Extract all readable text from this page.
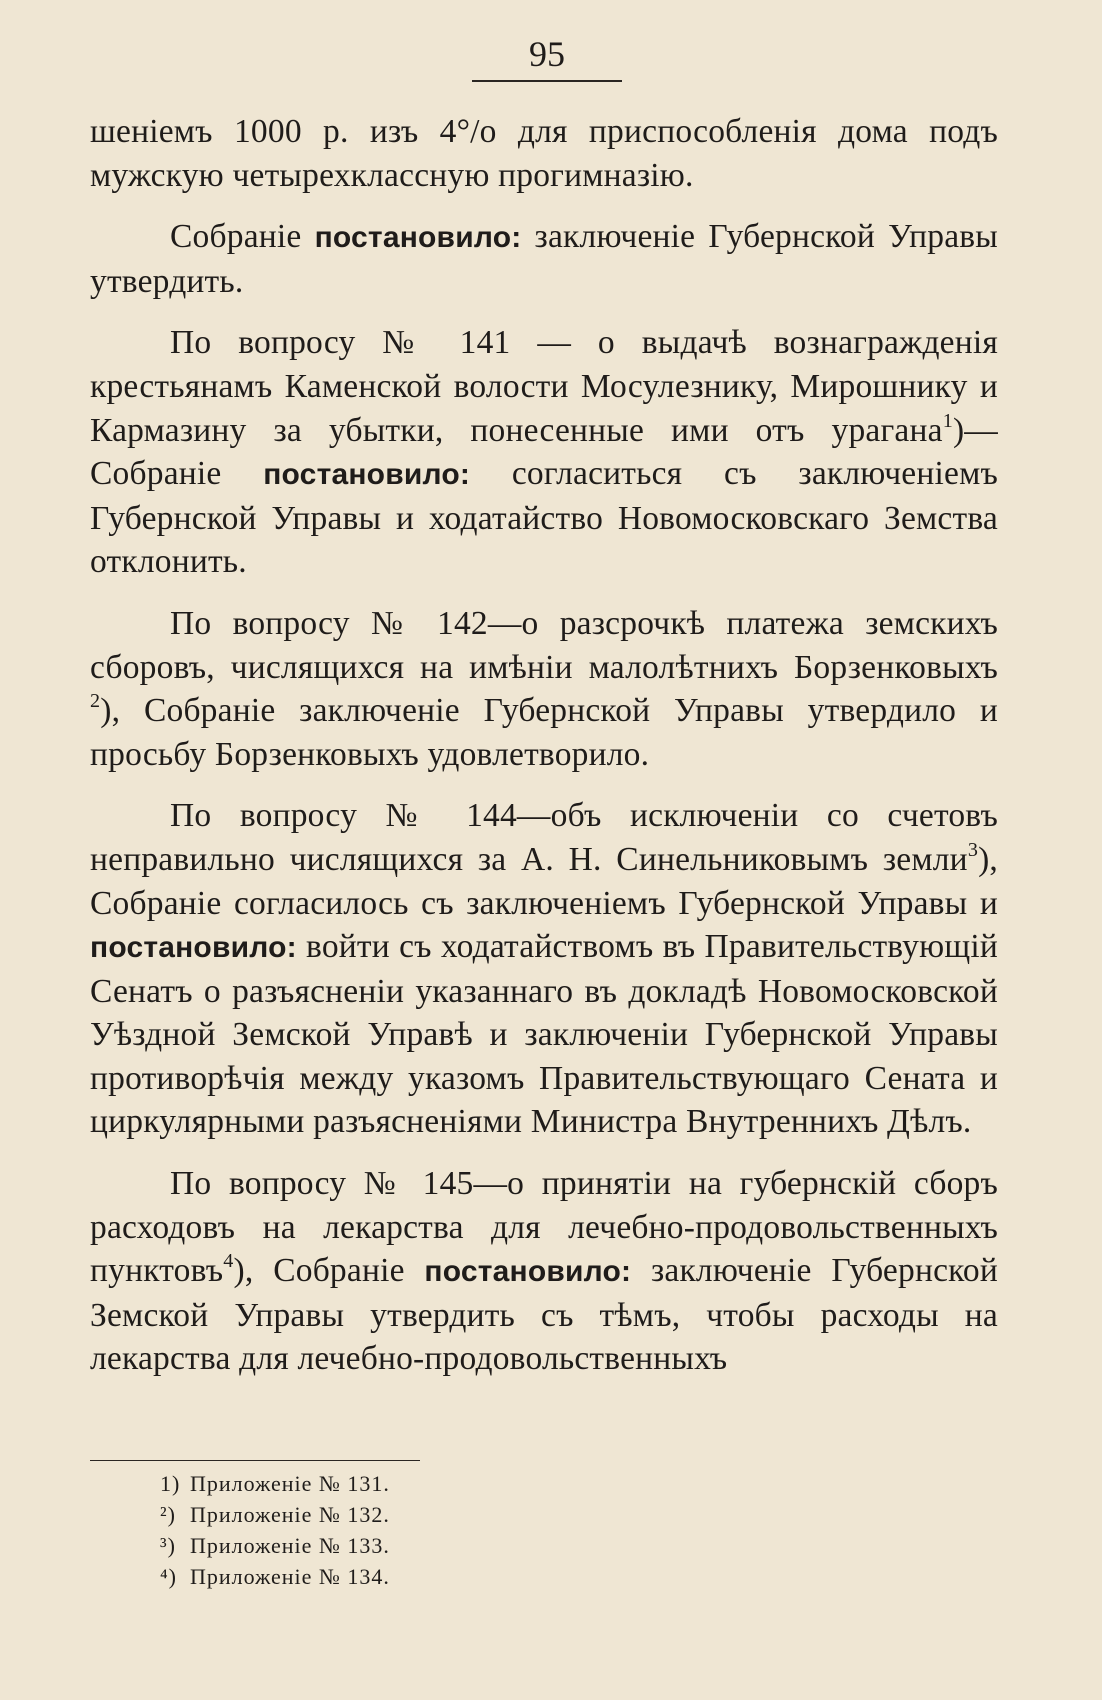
95

шенiемъ 1000 р. изъ 4°/о для приспособленiя дома подъ мужскую четырехклассную прогимназiю.

Собранiе постановило: заключенiе Губернской Управы утвердить.

По вопросу № 141 — о выдачѣ вознагражденiя крестьянамъ Каменской волости Мосулезнику, Мирошнику и Кармазину за убытки, понесенные ими отъ урагана$^1$)—Собранiе постановило: согласиться съ заключенiемъ Губернской Управы и ходатайство Новомосковскаго Земства отклонить.

По вопросу № 142—о разсрочкѣ платежа земскихъ сборовъ, числящихся на имѣнiи малолѣтнихъ Борзенковыхъ $^2$), Собранiе заключенiе Губернской Управы утвердило и просьбу Борзенковыхъ удовлетворило.

По вопросу № 144—объ исключенiи со счетовъ неправильно числящихся за А. Н. Синельниковымъ земли$^3$), Собранiе согласилось съ заключенiемъ Губернской Управы и постановило: войти съ ходатайствомъ въ Правительствующiй Сенатъ о разъясненiи указаннаго въ докладѣ Новомосковской Уѣздной Земской Управѣ и заключенiи Губернской Управы противорѣчiя между указомъ Правительствующаго Сената и циркулярными разъясненiями Министра Внутреннихъ Дѣлъ.

По вопросу № 145—о принятiи на губернскiй сборъ расходовъ на лекарства для лечебно-продовольственныхъ пунктовъ$^4$), Собранiе постановило: заключенiе Губернской Земской Управы утвердить съ тѣмъ, чтобы расходы на лекарства для лечебно-продовольственныхъ

1) Приложенiе № 131.

²) Приложенiе № 132.

³) Приложенiе № 133.

⁴) Приложенiе № 134.
